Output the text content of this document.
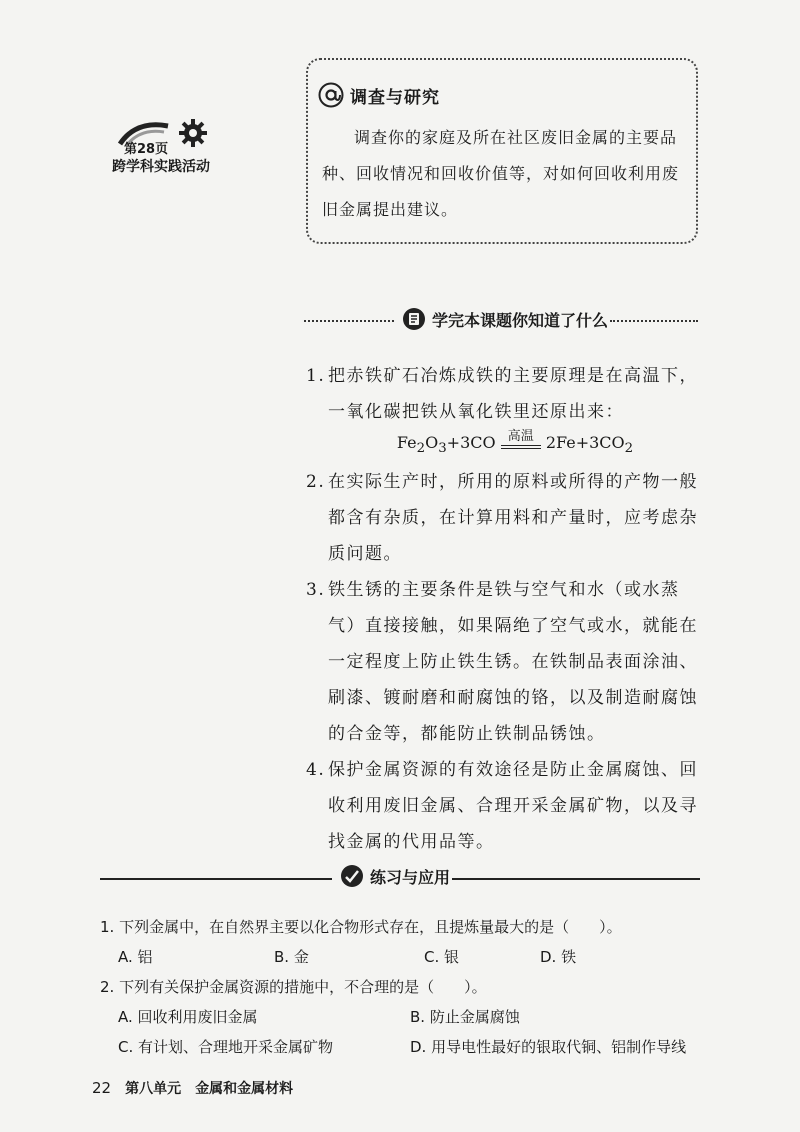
第28页
跨学科实践活动
调查与研究
调查你的家庭及所在社区废旧金属的主要品种、回收情况和回收价值等，对如何回收利用废旧金属提出建议。
学完本课题你知道了什么
1. 把赤铁矿石冶炼成铁的主要原理是在高温下，一氧化碳把铁从氧化铁里还原出来：
$Fe_2O_3+3CO$ 高温 $2Fe+3CO_2$
2. 在实际生产时，所用的原料或所得的产物一般都含有杂质，在计算用料和产量时，应考虑杂质问题。
3. 铁生锈的主要条件是铁与空气和水（或水蒸气）直接接触，如果隔绝了空气或水，就能在一定程度上防止铁生锈。在铁制品表面涂油、刷漆、镀耐磨和耐腐蚀的铬，以及制造耐腐蚀的合金等，都能防止铁制品锈蚀。
4. 保护金属资源的有效途径是防止金属腐蚀、回收利用废旧金属、合理开采金属矿物，以及寻找金属的代用品等。
练习与应用
1. 下列金属中，在自然界主要以化合物形式存在，且提炼量最大的是（　　）。
A. 铝	B. 金	C. 银	D. 铁
2. 下列有关保护金属资源的措施中，不合理的是（　　）。
A. 回收利用废旧金属	B. 防止金属腐蚀
C. 有计划、合理地开采金属矿物	D. 用导电性最好的银取代铜、铝制作导线
22 第八单元 金属和金属材料
